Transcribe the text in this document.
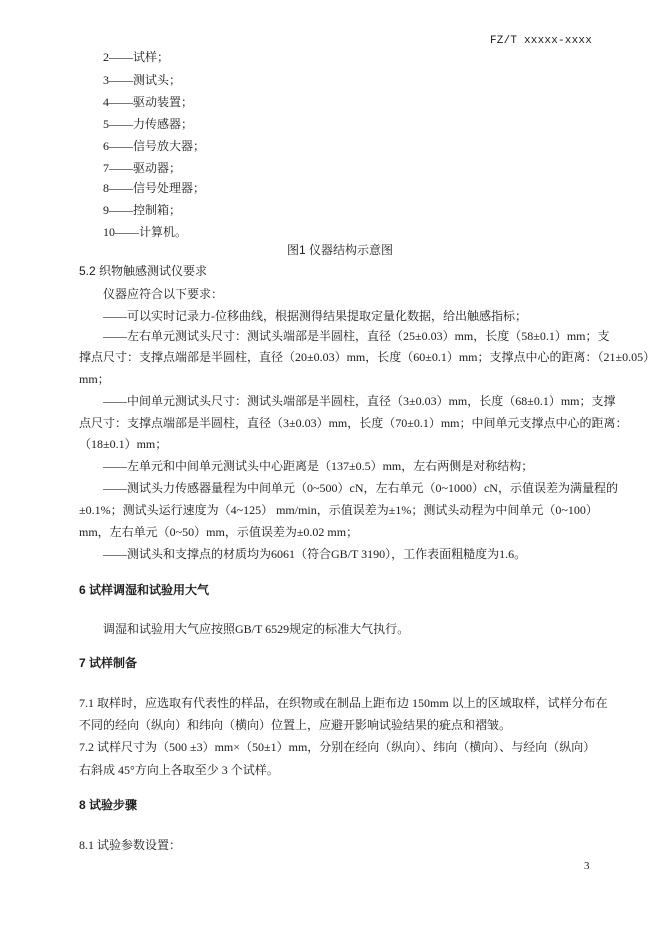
FZ/T xxxxx-xxxx
2——试样；
3——测试头；
4——驱动装置；
5——力传感器；
6——信号放大器；
7——驱动器；
8——信号处理器；
9——控制箱；
10——计算机。
图1 仪器结构示意图
5.2 织物触感测试仪要求
仪器应符合以下要求：
——可以实时记录力-位移曲线，根据测得结果提取定量化数据，给出触感指标；
——左右单元测试头尺寸：测试头端部是半圆柱，直径（25±0.03）mm，长度（58±0.1）mm；支
撑点尺寸：支撑点端部是半圆柱，直径（20±0.03）mm，长度（60±0.1）mm；支撑点中心的距离：（21±0.05）
mm；
——中间单元测试头尺寸：测试头端部是半圆柱，直径（3±0.03）mm，长度（68±0.1）mm；支撑
点尺寸：支撑点端部是半圆柱，直径（3±0.03）mm，长度（70±0.1）mm；中间单元支撑点中心的距离：
（18±0.1）mm；
——左单元和中间单元测试头中心距离是（137±0.5）mm，左右两侧是对称结构；
——测试头力传感器量程为中间单元（0~500）cN，左右单元（0~1000）cN，示值误差为满量程的
±0.1%；测试头运行速度为（4~125） mm/min，示值误差为±1%；测试头动程为中间单元（0~100）
mm，左右单元（0~50）mm，示值误差为±0.02 mm；
——测试头和支撑点的材质均为6061（符合GB/T 3190），工作表面粗糙度为1.6。
6 试样调湿和试验用大气
调湿和试验用大气应按照GB/T 6529规定的标准大气执行。
7 试样制备
7.1 取样时，应选取有代表性的样品，在织物或在制品上距布边 150mm 以上的区域取样，试样分布在
不同的经向（纵向）和纬向（横向）位置上，应避开影响试验结果的疵点和褶皱。
7.2 试样尺寸为（500 ±3）mm×（50±1）mm，分别在经向（纵向）、纬向（横向）、与经向（纵向）
右斜成 45°方向上各取至少 3 个试样。
8 试验步骤
8.1 试验参数设置：
3
